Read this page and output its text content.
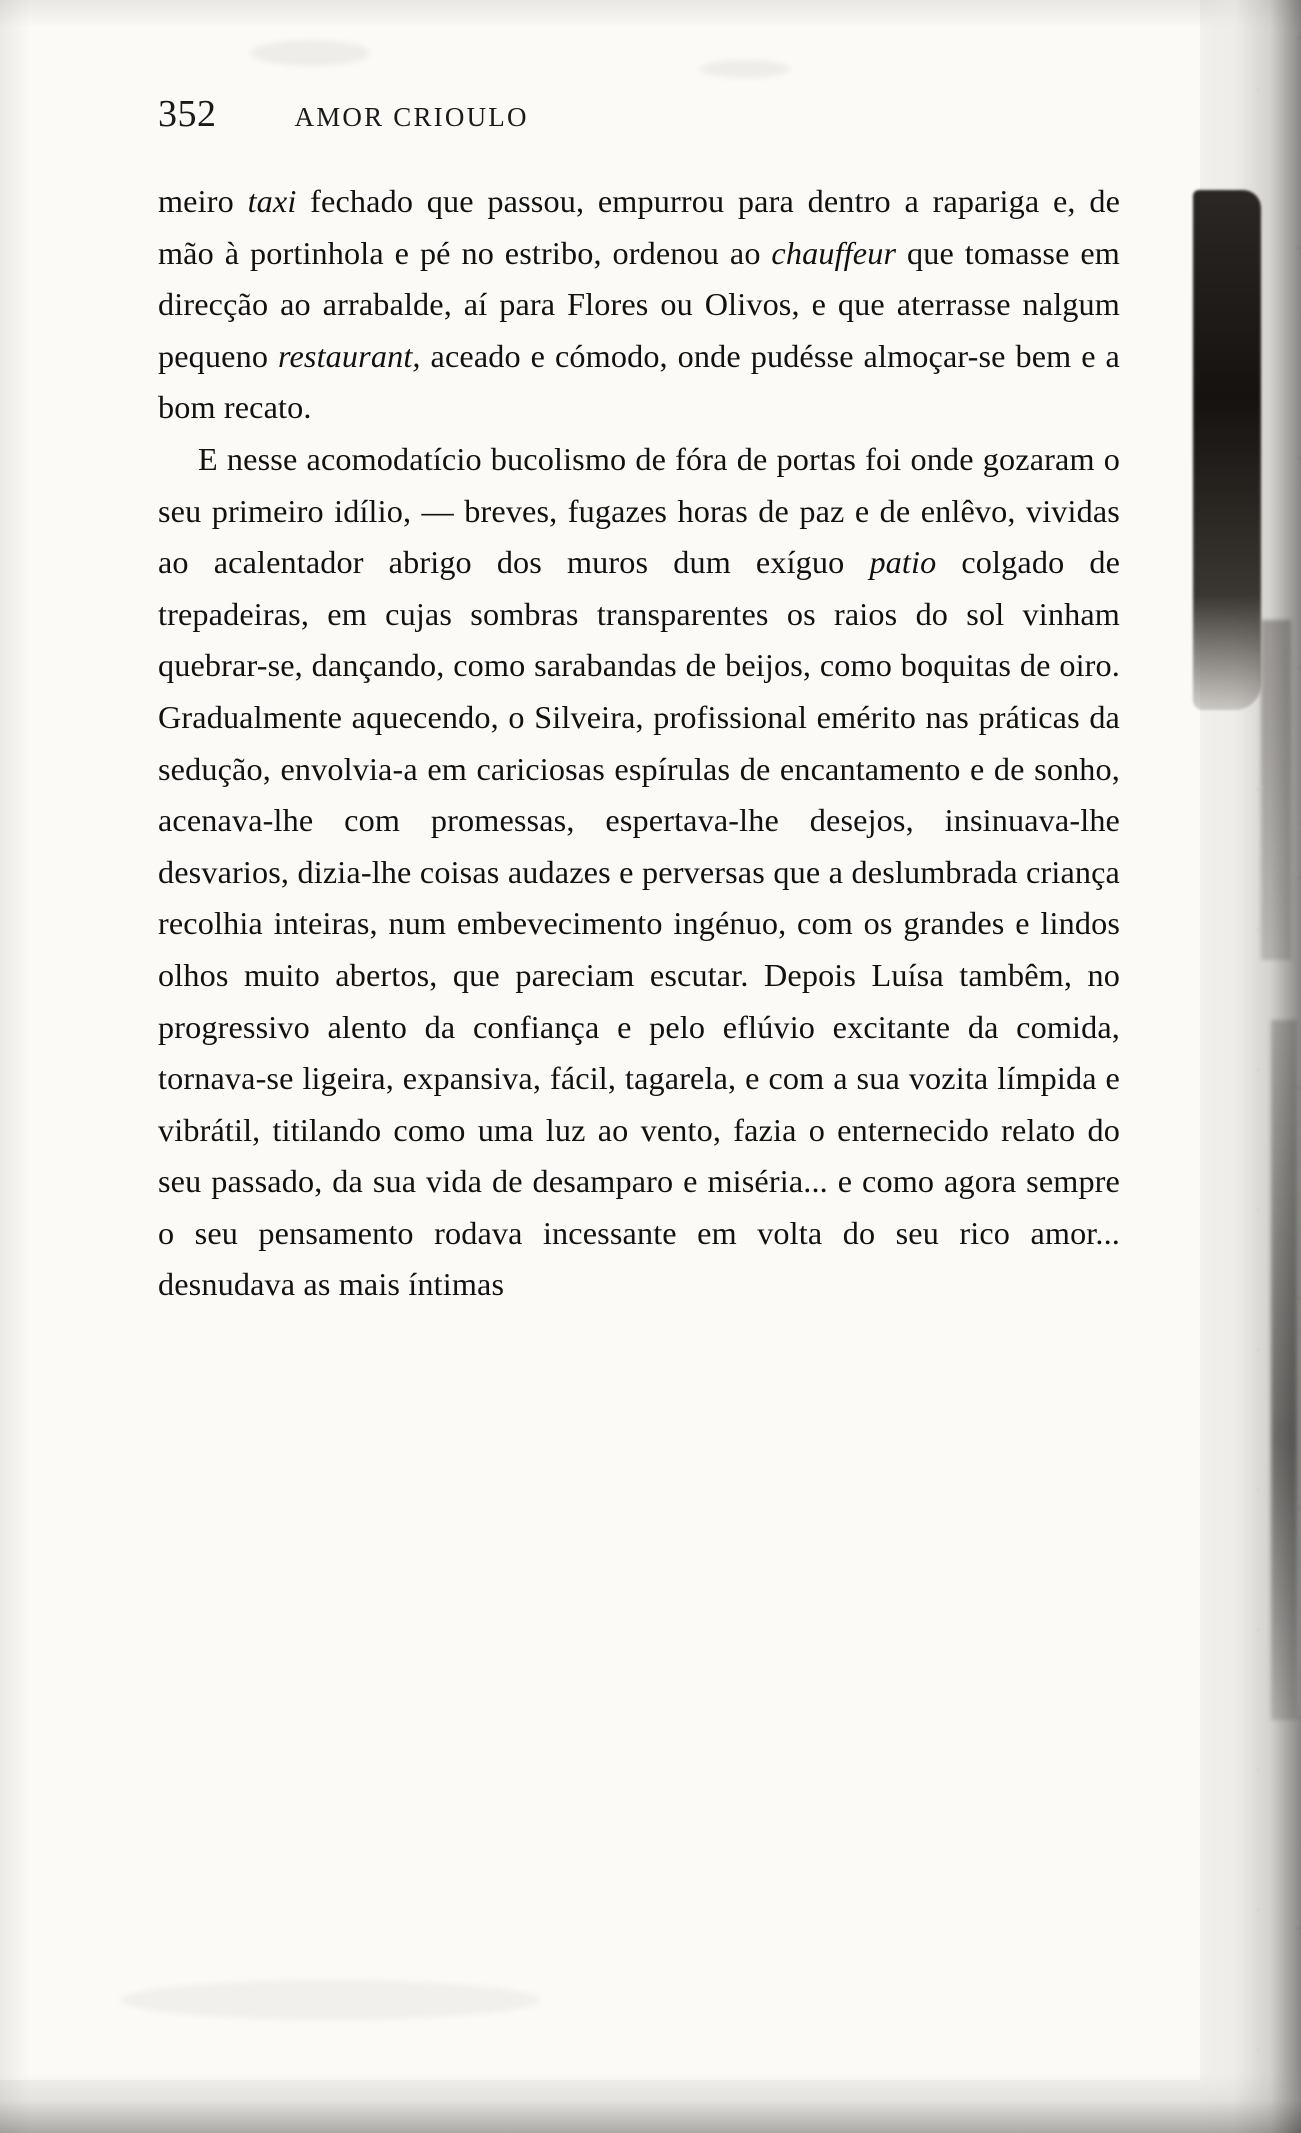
352	AMOR CRIOULO

meiro taxi fechado que passou, empurrou para dentro a rapariga e, de mão à portinhola e pé no estribo, ordenou ao chauffeur que tomasse em direcção ao arrabalde, aí para Flores ou Olivos, e que aterrasse nalgum pequeno restaurant, aceado e cómodo, onde pudésse almoçar-se bem e a bom recato.

E nesse acomodatício bucolismo de fóra de portas foi onde gozaram o seu primeiro idílio, — breves, fugazes horas de paz e de enlêvo, vividas ao acalentador abrigo dos muros dum exíguo patio colgado de trepadeiras, em cujas sombras transparentes os raios do sol vinham quebrar-se, dançando, como sarabandas de beijos, como boquitas de oiro. Gradualmente aquecendo, o Silveira, profissional emérito nas práticas da sedução, envolvia-a em cariciosas espírulas de encantamento e de sonho, acenava-lhe com promessas, espertava-lhe desejos, insinuava-lhe desvarios, dizia-lhe coisas audazes e perversas que a deslumbrada criança recolhia inteiras, num embevecimento ingénuo, com os grandes e lindos olhos muito abertos, que pareciam escutar. Depois Luísa tambêm, no progressivo alento da confiança e pelo eflúvio excitante da comida, tornava-se ligeira, expansiva, fácil, tagarela, e com a sua vozita límpida e vibrátil, titilando como uma luz ao vento, fazia o enternecido relato do seu passado, da sua vida de desamparo e miséria... e como agora sempre o seu pensamento rodava incessante em volta do seu rico amor... desnudava as mais íntimas
